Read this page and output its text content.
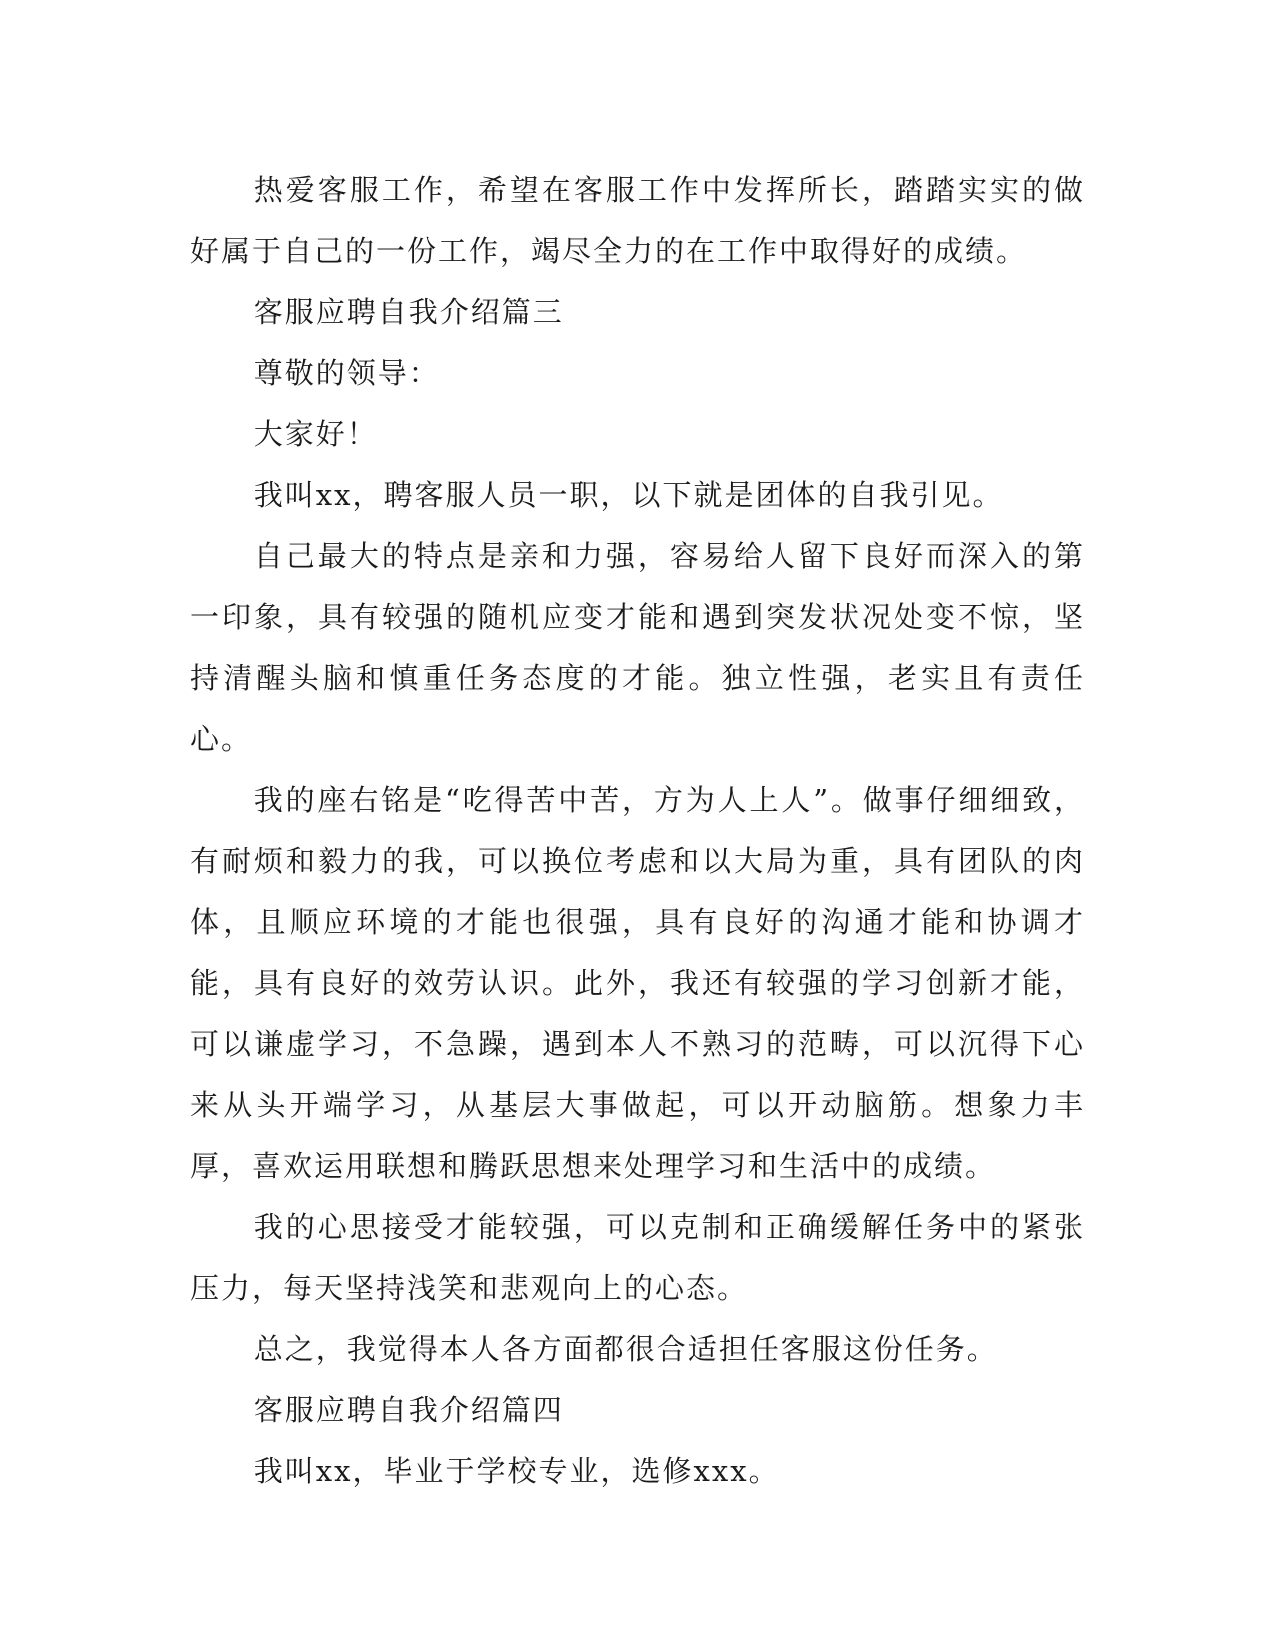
热爱客服工作，希望在客服工作中发挥所长，踏踏实实的做好属于自己的一份工作，竭尽全力的在工作中取得好的成绩。

客服应聘自我介绍篇三

尊敬的领导：

大家好！

我叫xx，聘客服人员一职，以下就是团体的自我引见。

自己最大的特点是亲和力强，容易给人留下良好而深入的第一印象，具有较强的随机应变才能和遇到突发状况处变不惊，坚持清醒头脑和慎重任务态度的才能。独立性强，老实且有责任心。

我的座右铭是“吃得苦中苦，方为人上人”。做事仔细细致，有耐烦和毅力的我，可以换位考虑和以大局为重，具有团队的肉体，且顺应环境的才能也很强，具有良好的沟通才能和协调才能，具有良好的效劳认识。此外，我还有较强的学习创新才能，可以谦虚学习，不急躁，遇到本人不熟习的范畴，可以沉得下心来从头开端学习，从基层大事做起，可以开动脑筋。想象力丰厚，喜欢运用联想和腾跃思想来处理学习和生活中的成绩。

我的心思接受才能较强，可以克制和正确缓解任务中的紧张压力，每天坚持浅笑和悲观向上的心态。

总之，我觉得本人各方面都很合适担任客服这份任务。

客服应聘自我介绍篇四

我叫xx，毕业于学校专业，选修xxx。
